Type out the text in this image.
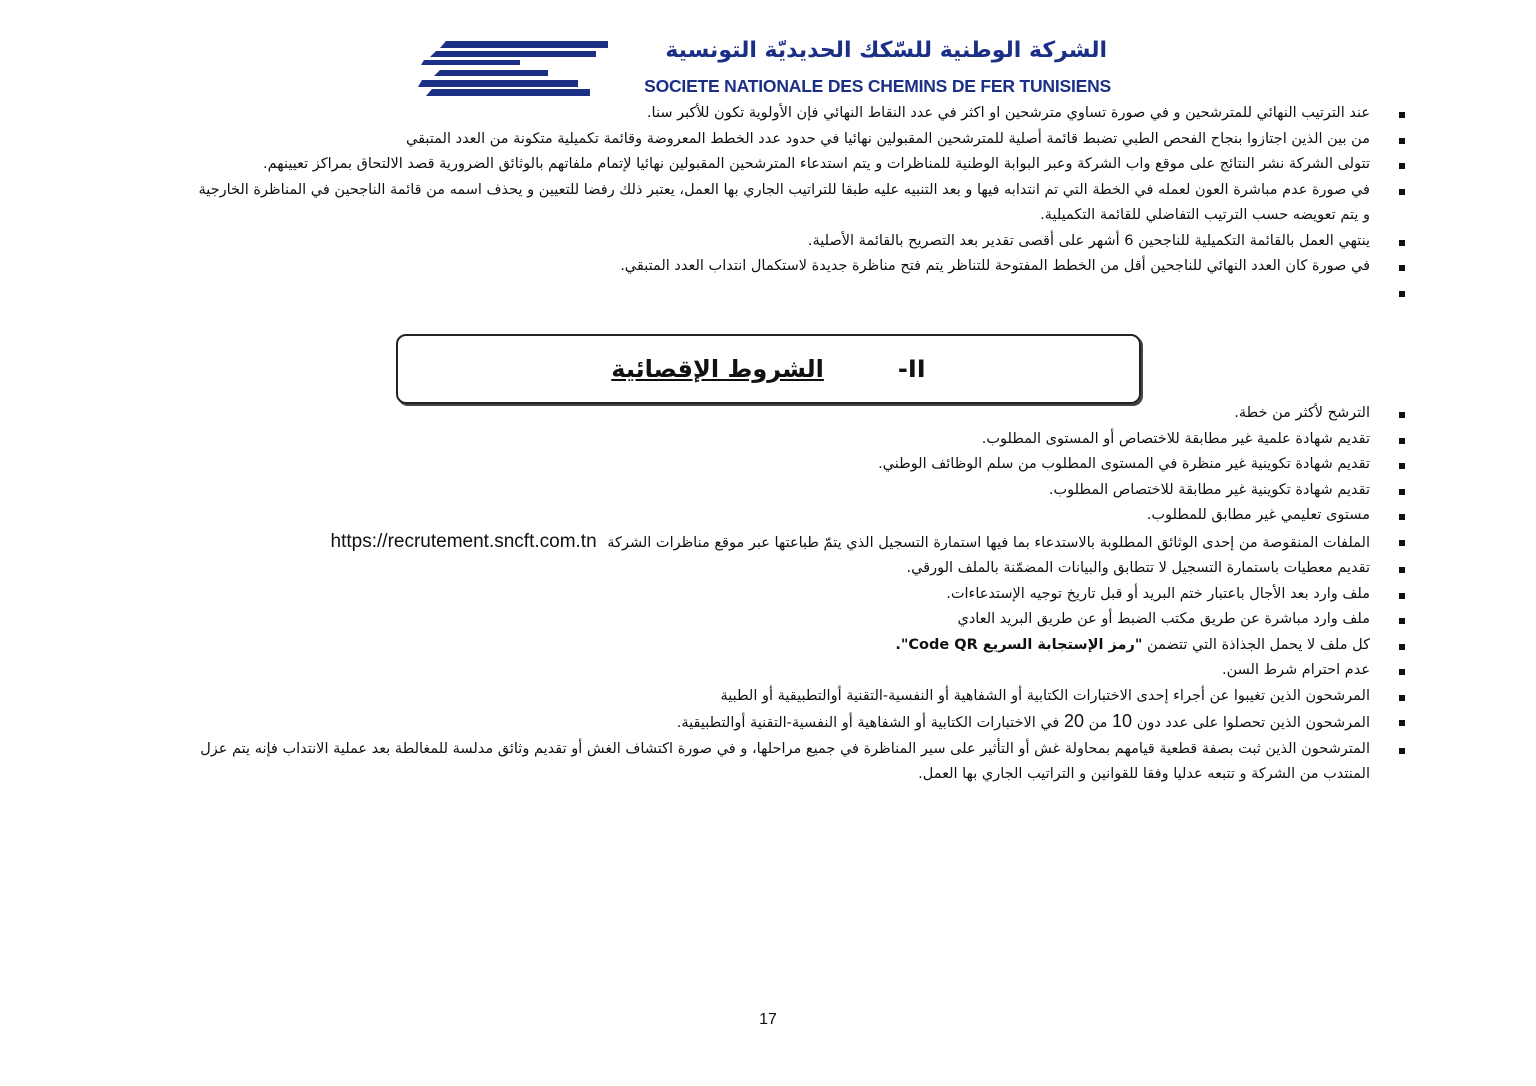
الشركة الوطنية للسّكك الحديديّة التونسية
SOCIETE NATIONALE DES CHEMINS DE FER TUNISIENS
عند الترتيب النهائي للمترشحين و في صورة تساوي مترشحين او اكثر في عدد النقاط النهائي فإن الأولوية تكون للأكبر سنا.
من بين الذين اجتازوا بنجاح الفحص الطبي تضبط قائمة أصلية للمترشحين المقبولين نهائيا في حدود عدد الخطط المعروضة وقائمة تكميلية متكونة من العدد المتبقي
تتولى الشركة نشر النتائج على موقع واب الشركة وعبر البوابة الوطنية للمناظرات و يتم استدعاء المترشحين المقبولين نهائيا لإتمام ملفاتهم بالوثائق الضرورية قصد الالتحاق بمراكز تعيينهم.
في صورة عدم مباشرة العون لعمله في الخطة التي تم انتدابه فيها و بعد التنبيه عليه طبقا للتراتيب الجاري بها العمل، يعتبر ذلك رفضا للتعيين و يحذف اسمه من قائمة الناجحين في المناظرة الخارجية
و يتم تعويضه حسب الترتيب التفاضلي للقائمة التكميلية.
ينتهي العمل بالقائمة التكميلية للناجحين 6 أشهر على أقصى تقدير بعد التصريح بالقائمة الأصلية.
في صورة كان العدد النهائي للناجحين أقل من الخطط المفتوحة للتناظر يتم فتح مناظرة جديدة لاستكمال انتداب العدد المتبقي.

II-الشروط الإقصائية
الترشح لأكثر من خطة.
تقديم شهادة علمية غير مطابقة للاختصاص أو المستوى المطلوب.
تقديم شهادة تكوينية غير منظرة في المستوى المطلوب من سلم الوظائف الوطني.
تقديم شهادة تكوينية غير مطابقة للاختصاص المطلوب.
مستوى تعليمي غير مطابق للمطلوب.
الملفات المنقوصة من إحدى الوثائق المطلوبة بالاستدعاء بما فيها استمارة التسجيل الذي يتمّ طباعتها عبر موقع مناظرات الشركة https://recrutement.sncft.com.tn
تقديم معطيات باستمارة التسجيل لا تتطابق والبيانات المضمّنة بالملف الورقي.
ملف وارد بعد الأجال باعتبار ختم البريد أو قبل تاريخ توجيه الإستدعاءات.
ملف وارد مباشرة عن طريق مكتب الضبط أو عن طريق البريد العادي
كل ملف لا يحمل الجذاذة التي تتضمن "رمز الإستجابة السريع Code QR".
عدم احترام شرط السن.
المرشحون الذين تغيبوا عن أجراء إحدى الاختبارات الكتابية أو الشفاهية أو النفسية-التقنية أوالتطبيقية أو الطبية
المرشحون الذين تحصلوا على عدد دون 10 من 20 في الاختبارات الكتابية أو الشفاهية أو النفسية-التقنية أوالتطبيقية.
المترشحون الذين ثبت بصفة قطعية قيامهم بمحاولة غش أو التأثير على سير المناظرة في جميع مراحلها، و في صورة اكتشاف الغش أو تقديم وثائق مدلسة للمغالطة بعد عملية الانتداب فإنه يتم عزل
المنتدب من الشركة و تتبعه عدليا وفقا للقوانين و التراتيب الجاري بها العمل.
17
